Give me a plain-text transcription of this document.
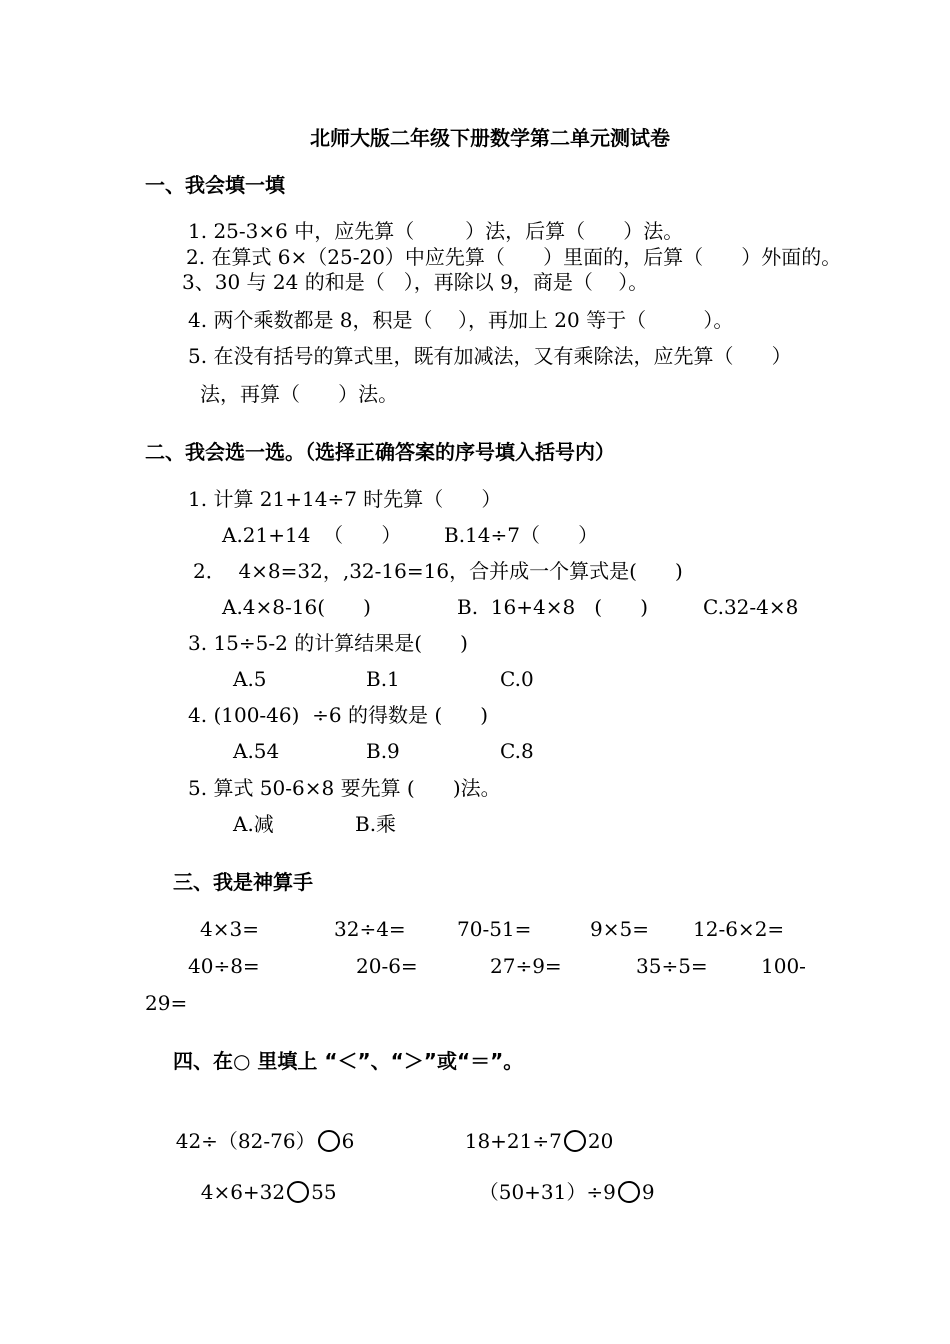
北师大版二年级下册数学第二单元测试卷
一、我会填一填
1. 25-3×6 中，应先算（        ）法，后算（      ）法。
2. 在算式 6×（25-20）中应先算（      ）里面的，后算（      ）外面的。
3、30 与 24 的和是（   ），再除以 9，商是（    ）。
4. 两个乘数都是 8，积是（    ），再加上 20 等于（         ）。
5. 在没有括号的算式里，既有加减法，又有乘除法，应先算（      ）
法，再算（      ）法。
二、我会选一选。（选择正确答案的序号填入括号内）
1. 计算 21+14÷7 时先算（      ）
A.21+14  （      ） B.14÷7（      ）
2．  4×8=32，,32-16=16，合并成一个算式是(      )
A.4×8-16(      )	B.  16+4×8   (      )	C.32-4×8
3. 15÷5-2 的计算结果是(      )
A.5	B.1	C.0
4. (100-46)  ÷6 的得数是 (      )
A.54	B.9	C.8
5. 算式 50-6×8 要先算 (      )法。
A.减	B.乘
三、我是神算手
4×3=	32÷4=	70-51=	9×5= 12-6×2=
40÷8=	20-6=	27÷9=	35÷5=	100-
29=
四、在○ 里填上 “＜”、“＞”或“＝”。

42÷（82-76） 6	18+21÷7 20

4×6+32 55	（50+31）÷9 9
